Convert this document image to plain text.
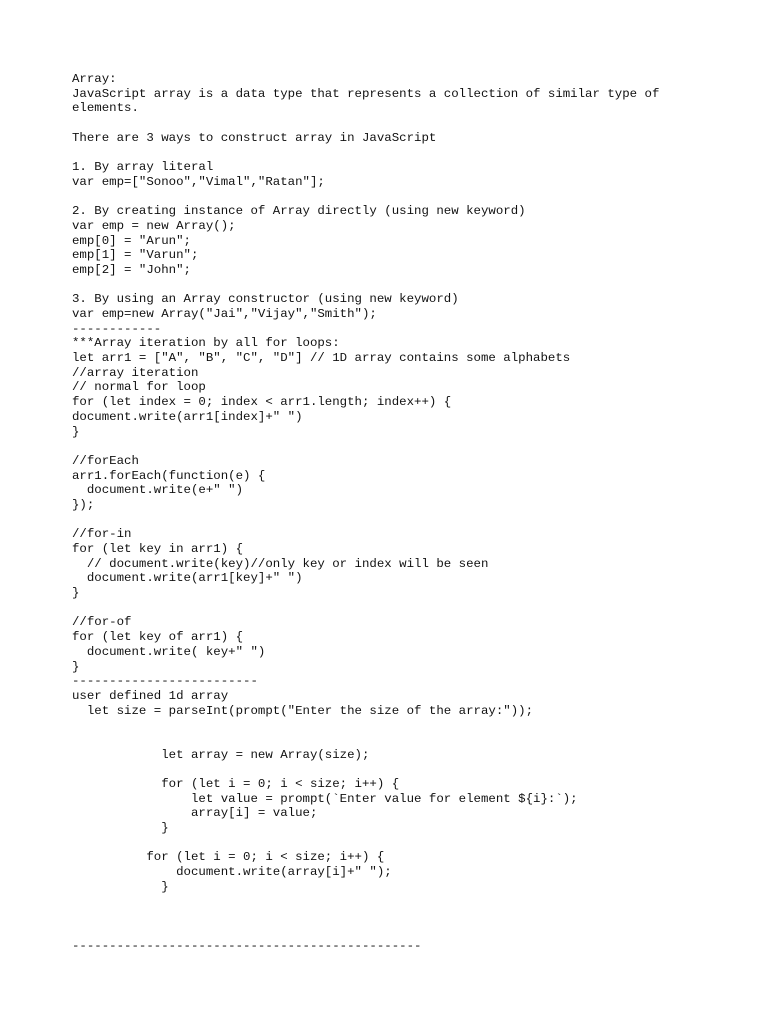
Array:
JavaScript array is a data type that represents a collection of similar type of
elements.
There are 3 ways to construct array in JavaScript
1. By array literal
var emp=["Sonoo","Vimal","Ratan"];
2. By creating instance of Array directly (using new keyword)
var emp = new Array();
emp[0] = "Arun";
emp[1] = "Varun";
emp[2] = "John";
3. By using an Array constructor (using new keyword)
var emp=new Array("Jai","Vijay","Smith");
------------
***Array iteration by all for loops:
let arr1 = ["A", "B", "C", "D"] // 1D array contains some alphabets
//array iteration
// normal for loop
for (let index = 0; index < arr1.length; index++) {
document.write(arr1[index]+" ")
}
//forEach
arr1.forEach(function(e) {
document.write(e+" ")
});
//for-in
for (let key in arr1) {
// document.write(key)//only key or index will be seen
document.write(arr1[key]+" ")
}
//for-of
for (let key of arr1) {
document.write( key+" ")
}
-------------------------
user defined 1d array
let size = parseInt(prompt("Enter the size of the array:"));
let array = new Array(size);
for (let i = 0; i < size; i++) {
let value = prompt(`Enter value for element ${i}:`);
array[i] = value;
}
for (let i = 0; i < size; i++) {
document.write(array[i]+" ");
}
-----------------------------------------------
